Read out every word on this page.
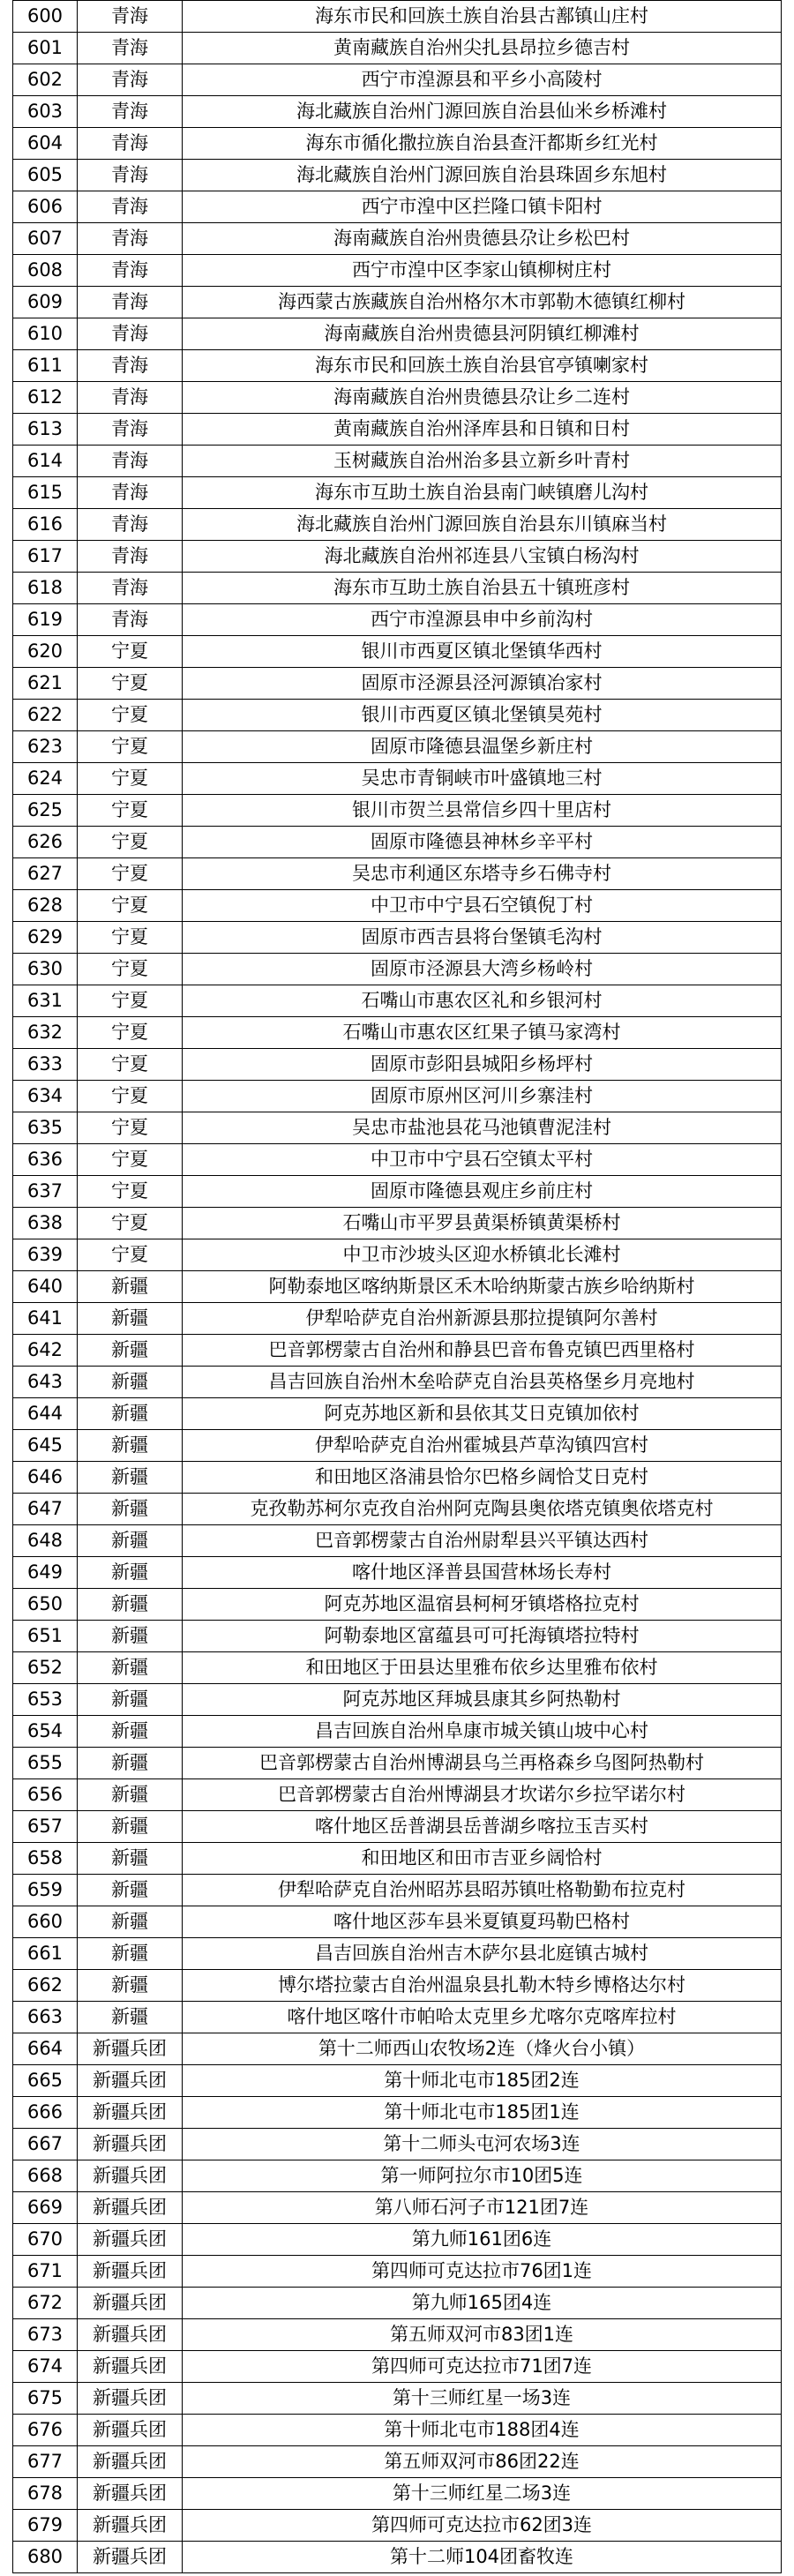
600	青海	海东市民和回族土族自治县古鄯镇山庄村
601	青海	黄南藏族自治州尖扎县昂拉乡德吉村
602	青海	西宁市湟源县和平乡小高陵村
603	青海	海北藏族自治州门源回族自治县仙米乡桥滩村
604	青海	海东市循化撒拉族自治县查汗都斯乡红光村
605	青海	海北藏族自治州门源回族自治县珠固乡东旭村
606	青海	西宁市湟中区拦隆口镇卡阳村
607	青海	海南藏族自治州贵德县尕让乡松巴村
608	青海	西宁市湟中区李家山镇柳树庄村
609	青海	海西蒙古族藏族自治州格尔木市郭勒木德镇红柳村
610	青海	海南藏族自治州贵德县河阴镇红柳滩村
611	青海	海东市民和回族土族自治县官亭镇喇家村
612	青海	海南藏族自治州贵德县尕让乡二连村
613	青海	黄南藏族自治州泽库县和日镇和日村
614	青海	玉树藏族自治州治多县立新乡叶青村
615	青海	海东市互助土族自治县南门峡镇磨儿沟村
616	青海	海北藏族自治州门源回族自治县东川镇麻当村
617	青海	海北藏族自治州祁连县八宝镇白杨沟村
618	青海	海东市互助土族自治县五十镇班彦村
619	青海	西宁市湟源县申中乡前沟村
620	宁夏	银川市西夏区镇北堡镇华西村
621	宁夏	固原市泾源县泾河源镇冶家村
622	宁夏	银川市西夏区镇北堡镇昊苑村
623	宁夏	固原市隆德县温堡乡新庄村
624	宁夏	吴忠市青铜峡市叶盛镇地三村
625	宁夏	银川市贺兰县常信乡四十里店村
626	宁夏	固原市隆德县神林乡辛平村
627	宁夏	吴忠市利通区东塔寺乡石佛寺村
628	宁夏	中卫市中宁县石空镇倪丁村
629	宁夏	固原市西吉县将台堡镇毛沟村
630	宁夏	固原市泾源县大湾乡杨岭村
631	宁夏	石嘴山市惠农区礼和乡银河村
632	宁夏	石嘴山市惠农区红果子镇马家湾村
633	宁夏	固原市彭阳县城阳乡杨坪村
634	宁夏	固原市原州区河川乡寨洼村
635	宁夏	吴忠市盐池县花马池镇曹泥洼村
636	宁夏	中卫市中宁县石空镇太平村
637	宁夏	固原市隆德县观庄乡前庄村
638	宁夏	石嘴山市平罗县黄渠桥镇黄渠桥村
639	宁夏	中卫市沙坡头区迎水桥镇北长滩村
640	新疆	阿勒泰地区喀纳斯景区禾木哈纳斯蒙古族乡哈纳斯村
641	新疆	伊犁哈萨克自治州新源县那拉提镇阿尔善村
642	新疆	巴音郭楞蒙古自治州和静县巴音布鲁克镇巴西里格村
643	新疆	昌吉回族自治州木垒哈萨克自治县英格堡乡月亮地村
644	新疆	阿克苏地区新和县依其艾日克镇加依村
645	新疆	伊犁哈萨克自治州霍城县芦草沟镇四宫村
646	新疆	和田地区洛浦县恰尔巴格乡阔恰艾日克村
647	新疆	克孜勒苏柯尔克孜自治州阿克陶县奥依塔克镇奥依塔克村
648	新疆	巴音郭楞蒙古自治州尉犁县兴平镇达西村
649	新疆	喀什地区泽普县国营林场长寿村
650	新疆	阿克苏地区温宿县柯柯牙镇塔格拉克村
651	新疆	阿勒泰地区富蕴县可可托海镇塔拉特村
652	新疆	和田地区于田县达里雅布依乡达里雅布依村
653	新疆	阿克苏地区拜城县康其乡阿热勒村
654	新疆	昌吉回族自治州阜康市城关镇山坡中心村
655	新疆	巴音郭楞蒙古自治州博湖县乌兰再格森乡乌图阿热勒村
656	新疆	巴音郭楞蒙古自治州博湖县才坎诺尔乡拉罕诺尔村
657	新疆	喀什地区岳普湖县岳普湖乡喀拉玉吉买村
658	新疆	和田地区和田市吉亚乡阔恰村
659	新疆	伊犁哈萨克自治州昭苏县昭苏镇吐格勒勤布拉克村
660	新疆	喀什地区莎车县米夏镇夏玛勒巴格村
661	新疆	昌吉回族自治州吉木萨尔县北庭镇古城村
662	新疆	博尔塔拉蒙古自治州温泉县扎勒木特乡博格达尔村
663	新疆	喀什地区喀什市帕哈太克里乡尤喀尔克喀库拉村
664	新疆兵团	第十二师西山农牧场2连（烽火台小镇）
665	新疆兵团	第十师北屯市185团2连
666	新疆兵团	第十师北屯市185团1连
667	新疆兵团	第十二师头屯河农场3连
668	新疆兵团	第一师阿拉尔市10团5连
669	新疆兵团	第八师石河子市121团7连
670	新疆兵团	第九师161团6连
671	新疆兵团	第四师可克达拉市76团1连
672	新疆兵团	第九师165团4连
673	新疆兵团	第五师双河市83团1连
674	新疆兵团	第四师可克达拉市71团7连
675	新疆兵团	第十三师红星一场3连
676	新疆兵团	第十师北屯市188团4连
677	新疆兵团	第五师双河市86团22连
678	新疆兵团	第十三师红星二场3连
679	新疆兵团	第四师可克达拉市62团3连
680	新疆兵团	第十二师104团畜牧连
